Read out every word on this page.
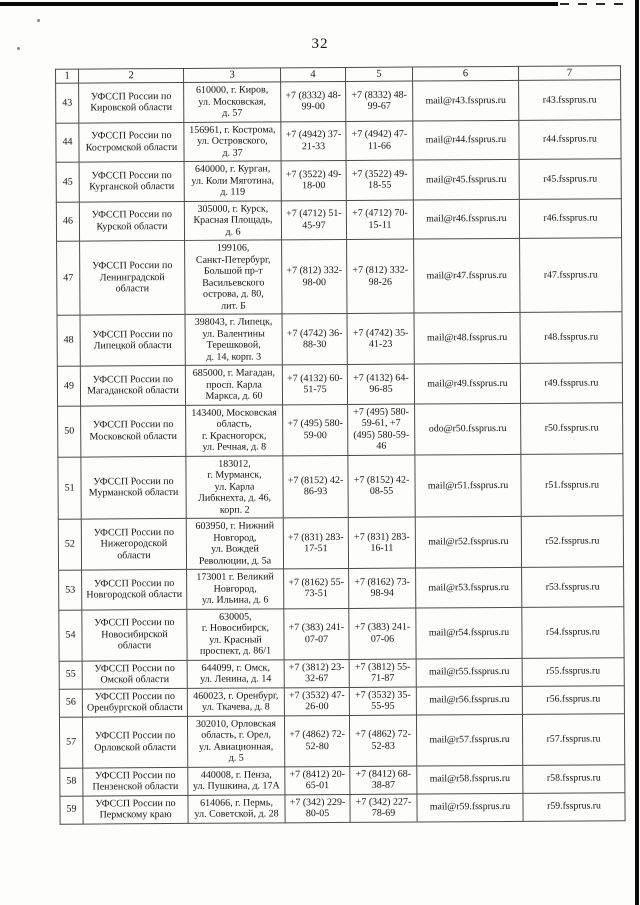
32
1	2	3	4	5	6	7
43	УФССП России по Кировской области	610000, г. Киров,
ул. Московская,
д. 57	+7 (8332) 48-99-00	+7 (8332) 48-99-67	mail@r43.fssprus.ru	r43.fssprus.ru
44	УФССП России по Костромской области	156961, г. Кострома,
ул. Островского,
д. 37	+7 (4942) 37-21-33	+7 (4942) 47-11-66	mail@r44.fssprus.ru	r44.fssprus.ru
45	УФССП России по Курганской области	640000, г. Курган,
ул. Коли Мяготина,
д. 119	+7 (3522) 49-18-00	+7 (3522) 49-18-55	mail@r45.fssprus.ru	r45.fssprus.ru
46	УФССП России по Курской области	305000, г. Курск,
Красная Площадь,
д. 6	+7 (4712) 51-45-97	+7 (4712) 70-15-11	mail@r46.fssprus.ru	r46.fssprus.ru
47	УФССП России по Ленинградской области	199106,
Санкт-Петербург,
Большой пр-т
Васильевского
острова, д. 80,
лит. Б	+7 (812) 332-98-00	+7 (812) 332-98-26	mail@r47.fssprus.ru	r47.fssprus.ru
48	УФССП России по Липецкой области	398043, г. Липецк,
ул. Валентины
Терешковой,
д. 14, корп. 3	+7 (4742) 36-88-30	+7 (4742) 35-41-23	mail@r48.fssprus.ru	r48.fssprus.ru
49	УФССП России по Магаданской области	685000, г. Магадан,
просп. Карла
Маркса, д. 60	+7 (4132) 60-51-75	+7 (4132) 64-96-85	mail@r49.fssprus.ru	r49.fssprus.ru
50	УФССП России по Московской области	143400, Московская
область,
г. Красногорск,
ул. Речная, д. 8	+7 (495) 580-59-00	+7 (495) 580-59-61, +7 (495) 580-59-46	odo@r50.fssprus.ru	r50.fssprus.ru
51	УФССП России по Мурманской области	183012,
г. Мурманск,
ул. Карла
Либкнехта, д. 46,
корп. 2	+7 (8152) 42-86-93	+7 (8152) 42-08-55	mail@r51.fssprus.ru	r51.fssprus.ru
52	УФССП России по Нижегородской области	603950, г. Нижний
Новгород,
ул. Вождей
Революции, д. 5а	+7 (831) 283-17-51	+7 (831) 283-16-11	mail@r52.fssprus.ru	r52.fssprus.ru
53	УФССП России по Новгородской области	173001 г. Великий
Новгород,
ул. Ильина, д. 6	+7 (8162) 55-73-51	+7 (8162) 73-98-94	mail@r53.fssprus.ru	r53.fssprus.ru
54	УФССП России по Новосибирской области	630005,
г. Новосибирск,
ул. Красный
проспект, д. 86/1	+7 (383) 241-07-07	+7 (383) 241-07-06	mail@r54.fssprus.ru	r54.fssprus.ru
55	УФССП России по Омской области	644099, г. Омск,
ул. Ленина, д. 14	+7 (3812) 23-32-67	+7 (3812) 55-71-87	mail@r55.fssprus.ru	r55.fssprus.ru
56	УФССП России по Оренбургской области	460023, г. Оренбург,
ул. Ткачева, д. 8	+7 (3532) 47-26-00	+7 (3532) 35-55-95	mail@r56.fssprus.ru	r56.fssprus.ru
57	УФССП России по Орловской области	302010, Орловская
область, г. Орел,
ул. Авиационная,
д. 5	+7 (4862) 72-52-80	+7 (4862) 72-52-83	mail@r57.fssprus.ru	r57.fssprus.ru
58	УФССП России по Пензенской области	440008, г. Пенза,
ул. Пушкина, д. 17А	+7 (8412) 20-65-01	+7 (8412) 68-38-87	mail@r58.fssprus.ru	r58.fssprus.ru
59	УФССП России по Пермскому краю	614066, г. Пермь,
ул. Советской, д. 28	+7 (342) 229-80-05	+7 (342) 227-78-69	mail@r59.fssprus.ru	r59.fssprus.ru
